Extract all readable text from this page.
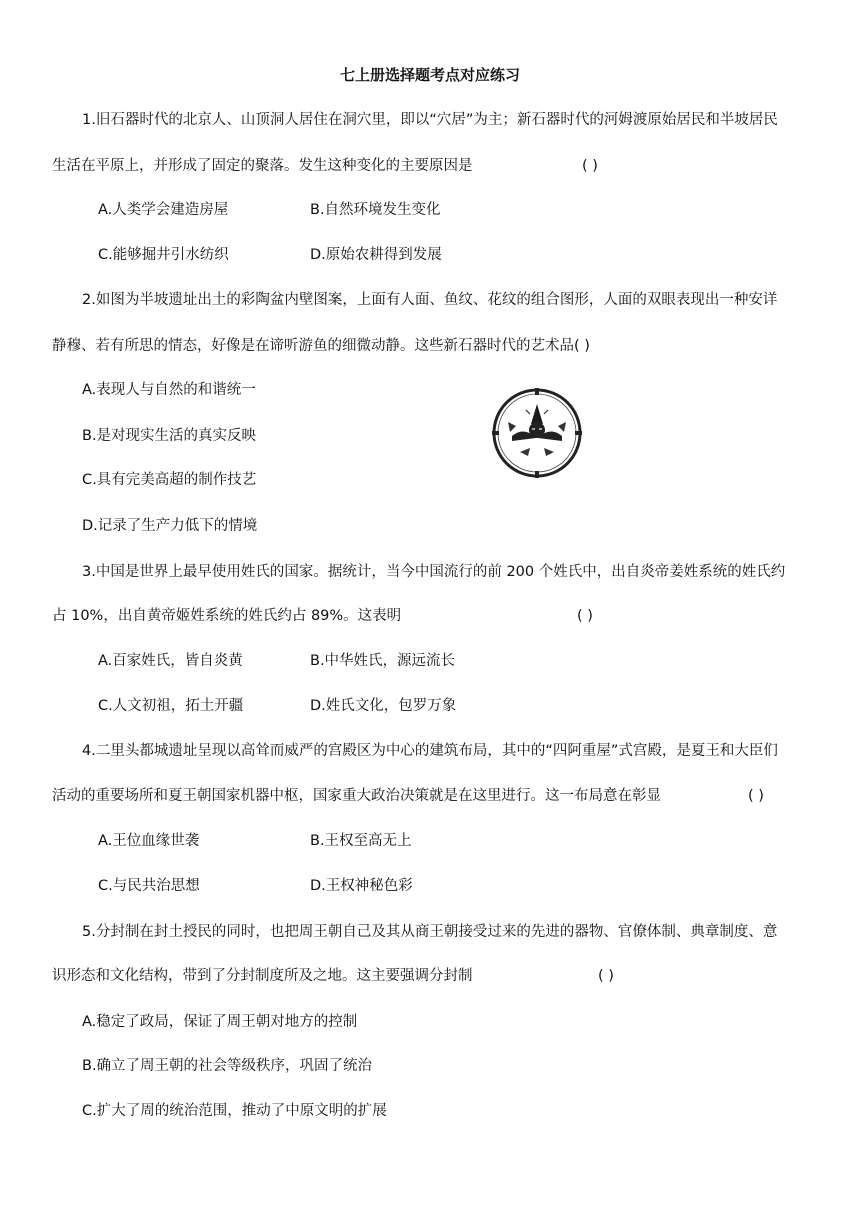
七上册选择题考点对应练习
1.旧石器时代的北京人、山顶洞人居住在洞穴里，即以“穴居”为主；新石器时代的河姆渡原始居民和半坡居民
生活在平原上，并形成了固定的聚落。发生这种变化的主要原因是	( )
A.人类学会建造房屋	B.自然环境发生变化
C.能够掘井引水纺织	D.原始农耕得到发展
2.如图为半坡遗址出土的彩陶盆内壁图案，上面有人面、鱼纹、花纹的组合图形，人面的双眼表现出一种安详
静穆、若有所思的情态，好像是在谛听游鱼的细微动静。这些新石器时代的艺术品( )
A.表现人与自然的和谐统一
B.是对现实生活的真实反映
C.具有完美高超的制作技艺
D.记录了生产力低下的情境
3.中国是世界上最早使用姓氏的国家。据统计，当今中国流行的前 200 个姓氏中，出自炎帝姜姓系统的姓氏约
占 10%，出自黄帝姬姓系统的姓氏约占 89%。这表明	( )
A.百家姓氏，皆自炎黄	B.中华姓氏，源远流长
C.人文初祖，拓土开疆	D.姓氏文化，包罗万象
4.二里头都城遗址呈现以高耸而威严的宫殿区为中心的建筑布局，其中的“四阿重屋”式宫殿，是夏王和大臣们
活动的重要场所和夏王朝国家机器中枢，国家重大政治决策就是在这里进行。这一布局意在彰显	( )
A.王位血缘世袭	B.王权至高无上
C.与民共治思想	D.王权神秘色彩
5.分封制在封土授民的同时，也把周王朝自己及其从商王朝接受过来的先进的器物、官僚体制、典章制度、意
识形态和文化结构，带到了分封制度所及之地。这主要强调分封制	( )
A.稳定了政局，保证了周王朝对地方的控制
B.确立了周王朝的社会等级秩序，巩固了统治
C.扩大了周的统治范围，推动了中原文明的扩展
